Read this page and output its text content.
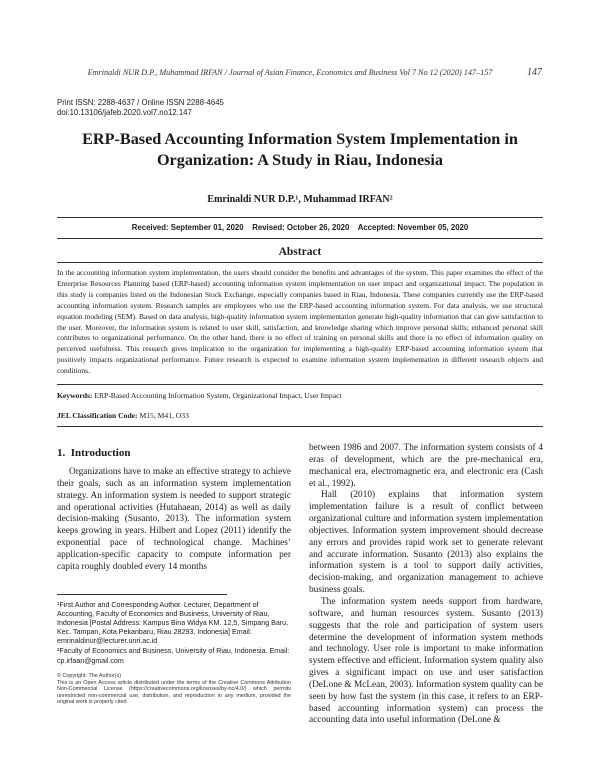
Emrinaldi NUR D.P., Muhammad IRFAN / Journal of Asian Finance, Economics and Business Vol 7 No 12 (2020) 147–157	147
Print ISSN: 2288-4637 / Online ISSN 2288-4645
doi:10.13106/jafeb.2020.vol7.no12.147
ERP-Based Accounting Information System Implementation in
Organization: A Study in Riau, Indonesia
Emrinaldi NUR D.P.¹, Muhammad IRFAN²
Received: September 01, 2020    Revised: October 26, 2020    Accepted: November 05, 2020
Abstract
In the accounting information system implementation, the users should consider the benefits and advantages of the system. This paper examines the effect of the Enterprise Resources Planning based (ERP-based) accounting information system implementation on user impact and organizational impact. The population in this study is companies listed on the Indonesian Stock Exchange, especially companies based in Riau, Indonesia. These companies currently use the ERP-based accounting information system. Research samples are employees who use the ERP-based accounting information system. For data analysis, we use structural equation modeling (SEM). Based on data analysis, high-quality information system implementation generate high-quality information that can give satisfaction to the user. Moreover, the information system is related to user skill, satisfaction, and knowledge sharing which improve personal skills; enhanced personal skill contributes to organizational performance. On the other hand, there is no effect of training on personal skills and there is no effect of information quality on perceived usefulness. This research gives implication to the organization for implementing a high-quality ERP-based accounting information system that positively impacts organizational performance. Future research is expected to examine information system implementation in different research objects and conditions.
Keywords: ERP-Based Accounting Information System, Organizational Impact, User Impact
JEL Classification Code: M15, M41, O33
1.  Introduction

Organizations have to make an effective strategy to achieve their goals, such as an information system implementation strategy. An information system is needed to support strategic and operational activities (Hutahaean, 2014) as well as daily decision-making (Susanto, 2013). The information system keeps growing in years. Hilbert and Lopez (2011) identify the exponential pace of technological change. Machines’ application-specific capacity to compute information per capita roughly doubled every 14 months

between 1986 and 2007. The information system consists of 4 eras of development, which are the pre-mechanical era, mechanical era, electromagnetic era, and electronic era (Cash et al., 1992).

Hall (2010) explains that information system implementation failure is a result of conflict between organizational culture and information system implementation objectives. Information system improvement should decrease any errors and provides rapid work set to generate relevant and accurate information. Susanto (2013) also explains the information system is a tool to support daily activities, decision-making, and organization management to achieve business goals.

The information system needs support from hardware, software, and human resources system. Susanto (2013) suggests that the role and participation of system users determine the development of information system methods and technology. User role is important to make information system effective and efficient. Information system quality also gives a significant impact on use and user satisfaction (DeLone & McLean, 2003). Information system quality can be seen by how fast the system (in this case, it refers to an ERP-based accounting information system) can process the accounting data into useful information (DeLone &

¹First Author and Corresponding Author. Lecturer, Department of Accounting, Faculty of Economics and Business, University of Riau, Indonesia [Postal Address: Kampus Bina Widya KM. 12,5, Simpang Baru, Kec. Tampan, Kota Pekanbaru, Riau 28293, Indonesia] Email: emrinaldinur@lecturer.unri.ac.id

²Faculty of Economics and Business, University of Riau, Indonesia. Email: cp.irfaan@gmail.com

© Copyright: The Author(s)
This is an Open Access article distributed under the terms of the Creative Commons Attribution Non-Commercial License (https://creativecommons.org/licenses/by-nc/4.0/) which permits unrestricted non-commercial use, distribution, and reproduction in any medium, provided the original work is properly cited.
